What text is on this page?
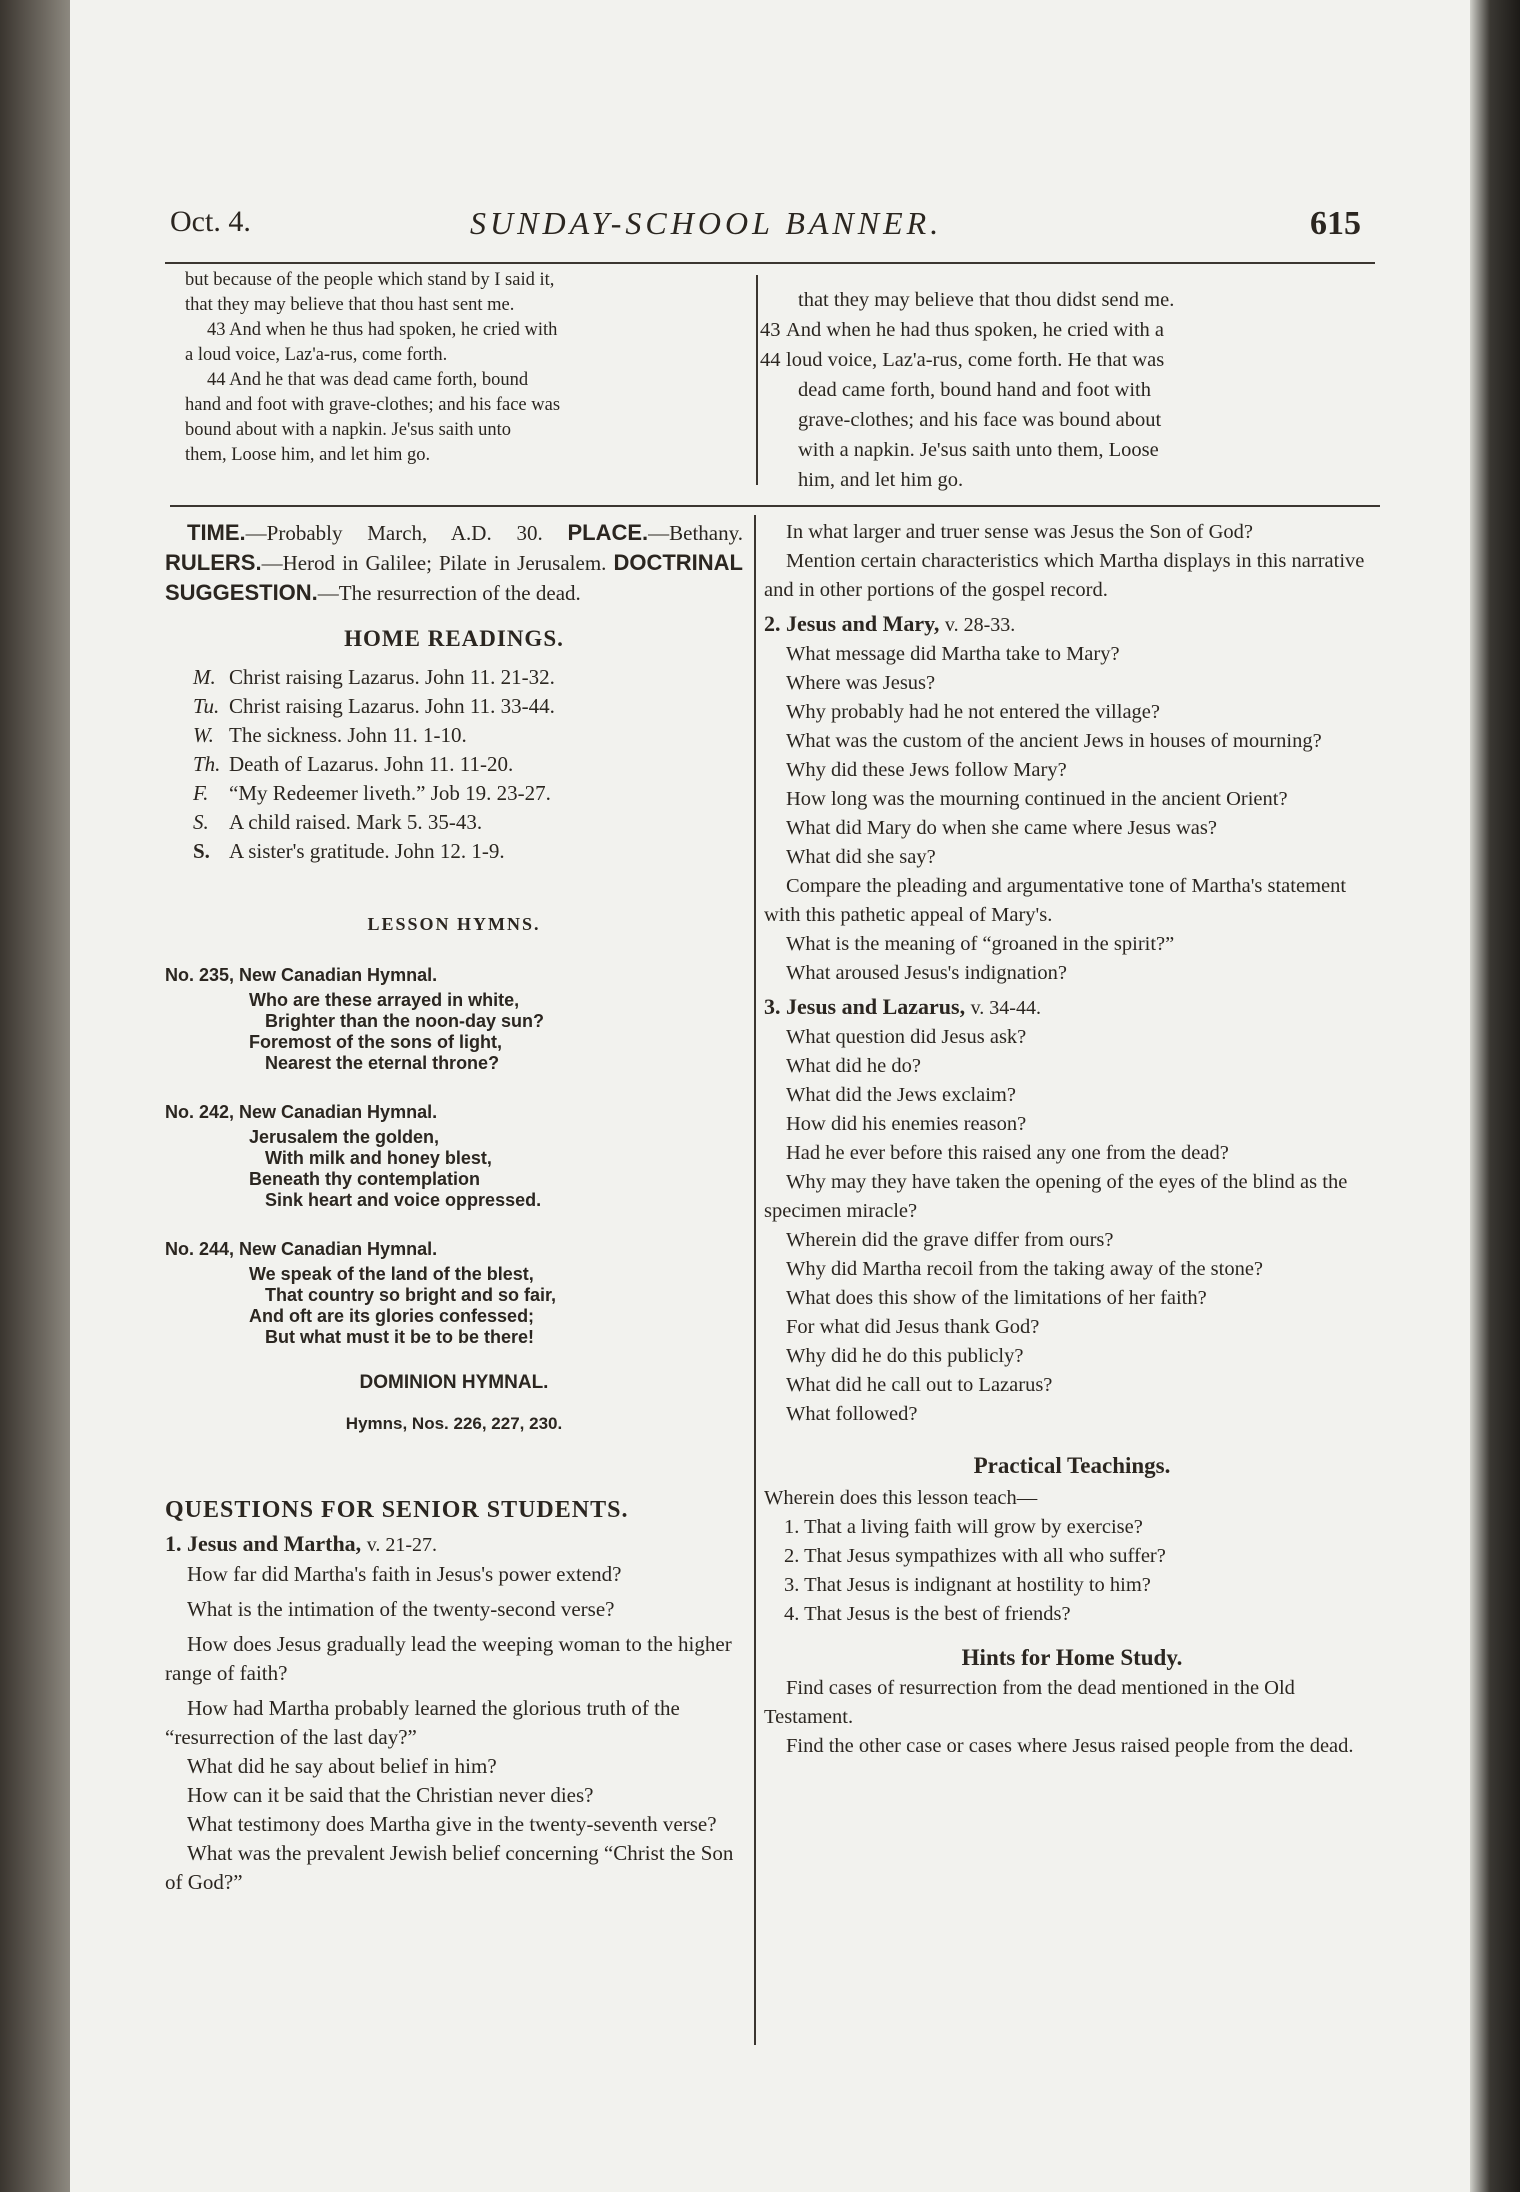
Oct. 4.	SUNDAY-SCHOOL BANNER.	615

but because of the people which stand by I said it,

that they may believe that thou hast sent me.

43 And when he thus had spoken, he cried with

a loud voice, Laz'a-rus, come forth.

44 And he that was dead came forth, bound

hand and foot with grave-clothes; and his face was

bound about with a napkin. Je'sus saith unto

them, Loose him, and let him go.

that they may believe that thou didst send me.

43 And when he had thus spoken, he cried with a

44 loud voice, Laz'a-rus, come forth. He that was

dead came forth, bound hand and foot with

grave-clothes; and his face was bound about

with a napkin. Je'sus saith unto them, Loose

him, and let him go.

TIME.—Probably March, A.D. 30. PLACE.—Bethany. RULERS.—Herod in Galilee; Pilate in Jerusalem. DOCTRINAL SUGGESTION.—The resurrection of the dead.

HOME READINGS.
M. Christ raising Lazarus. John 11. 21-32.
Tu. Christ raising Lazarus. John 11. 33-44.
W. The sickness. John 11. 1-10.
Th. Death of Lazarus. John 11. 11-20.
F. “My Redeemer liveth.” Job 19. 23-27.
S. A child raised. Mark 5. 35-43.
S. A sister's gratitude. John 12. 1-9.
LESSON HYMNS.
No. 235, New Canadian Hymnal.
Who are these arrayed in white,
Brighter than the noon-day sun?
Foremost of the sons of light,
Nearest the eternal throne?
No. 242, New Canadian Hymnal.
Jerusalem the golden,
With milk and honey blest,
Beneath thy contemplation
Sink heart and voice oppressed.
No. 244, New Canadian Hymnal.
We speak of the land of the blest,
That country so bright and so fair,
And oft are its glories confessed;
But what must it be to be there!
DOMINION HYMNAL.
Hymns, Nos. 226, 227, 230.
QUESTIONS FOR SENIOR STUDENTS.
1. Jesus and Martha, v. 21-27.

How far did Martha's faith in Jesus's power extend?

What is the intimation of the twenty-second verse?

How does Jesus gradually lead the weeping woman to the higher range of faith?

How had Martha probably learned the glorious truth of the “resurrection of the last day?”

What did he say about belief in him?

How can it be said that the Christian never dies?

What testimony does Martha give in the twenty-seventh verse?

What was the prevalent Jewish belief concerning “Christ the Son of God?”

In what larger and truer sense was Jesus the Son of God?

Mention certain characteristics which Martha displays in this narrative and in other portions of the gospel record.

2. Jesus and Mary, v. 28-33.

What message did Martha take to Mary?

Where was Jesus?

Why probably had he not entered the village?

What was the custom of the ancient Jews in houses of mourning?

Why did these Jews follow Mary?

How long was the mourning continued in the ancient Orient?

What did Mary do when she came where Jesus was?

What did she say?

Compare the pleading and argumentative tone of Martha's statement with this pathetic appeal of Mary's.

What is the meaning of “groaned in the spirit?”

What aroused Jesus's indignation?

3. Jesus and Lazarus, v. 34-44.

What question did Jesus ask?

What did he do?

What did the Jews exclaim?

How did his enemies reason?

Had he ever before this raised any one from the dead?

Why may they have taken the opening of the eyes of the blind as the specimen miracle?

Wherein did the grave differ from ours?

Why did Martha recoil from the taking away of the stone?

What does this show of the limitations of her faith?

For what did Jesus thank God?

Why did he do this publicly?

What did he call out to Lazarus?

What followed?

Practical Teachings.

Wherein does this lesson teach—

1. That a living faith will grow by exercise?

2. That Jesus sympathizes with all who suffer?

3. That Jesus is indignant at hostility to him?

4. That Jesus is the best of friends?

Hints for Home Study.

Find cases of resurrection from the dead mentioned in the Old Testament.

Find the other case or cases where Jesus raised people from the dead.
